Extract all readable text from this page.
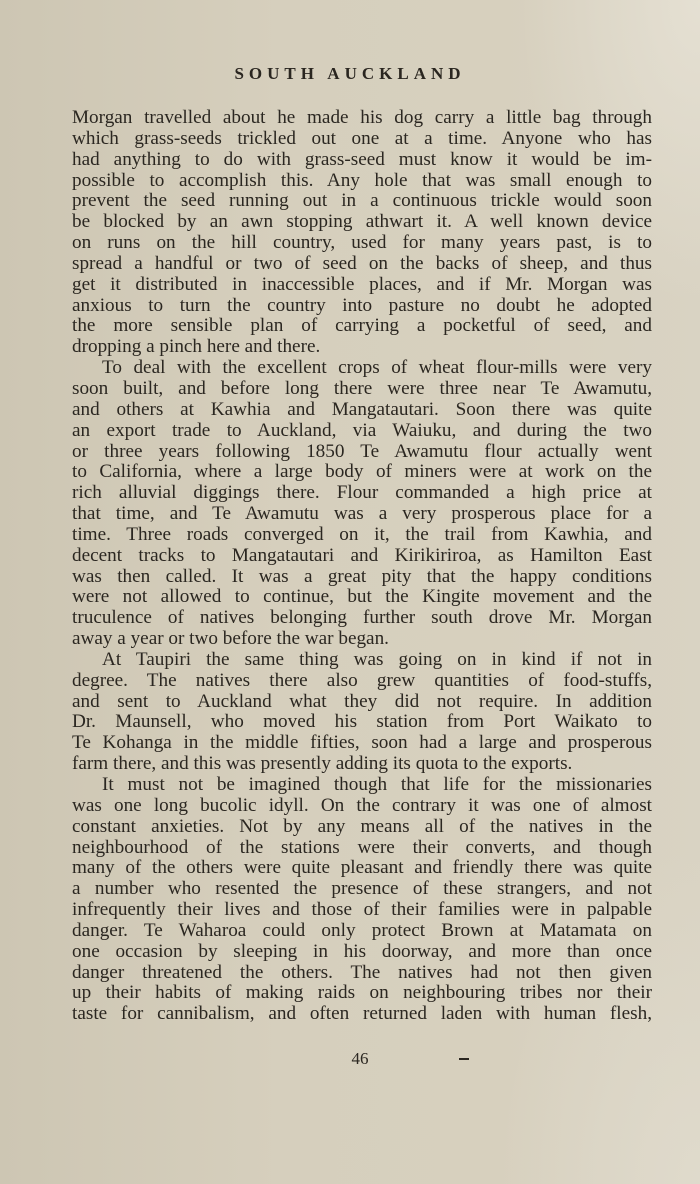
SOUTH AUCKLAND
Morgan travelled about he made his dog carry a little bag through
which grass-seeds trickled out one at a time. Anyone who has
had anything to do with grass-seed must know it would be im-
possible to accomplish this. Any hole that was small enough to
prevent the seed running out in a continuous trickle would soon
be blocked by an awn stopping athwart it. A well known device
on runs on the hill country, used for many years past, is to
spread a handful or two of seed on the backs of sheep, and thus
get it distributed in inaccessible places, and if Mr. Morgan was
anxious to turn the country into pasture no doubt he adopted
the more sensible plan of carrying a pocketful of seed, and
dropping a pinch here and there.
To deal with the excellent crops of wheat flour-mills were very
soon built, and before long there were three near Te Awamutu,
and others at Kawhia and Mangatautari. Soon there was quite
an export trade to Auckland, via Waiuku, and during the two
or three years following 1850 Te Awamutu flour actually went
to California, where a large body of miners were at work on the
rich alluvial diggings there. Flour commanded a high price at
that time, and Te Awamutu was a very prosperous place for a
time. Three roads converged on it, the trail from Kawhia, and
decent tracks to Mangatautari and Kirikiriroa, as Hamilton East
was then called. It was a great pity that the happy conditions
were not allowed to continue, but the Kingite movement and the
truculence of natives belonging further south drove Mr. Morgan
away a year or two before the war began.
At Taupiri the same thing was going on in kind if not in
degree. The natives there also grew quantities of food-stuffs,
and sent to Auckland what they did not require. In addition
Dr. Maunsell, who moved his station from Port Waikato to
Te Kohanga in the middle fifties, soon had a large and prosperous
farm there, and this was presently adding its quota to the exports.
It must not be imagined though that life for the missionaries
was one long bucolic idyll. On the contrary it was one of almost
constant anxieties. Not by any means all of the natives in the
neighbourhood of the stations were their converts, and though
many of the others were quite pleasant and friendly there was quite
a number who resented the presence of these strangers, and not
infrequently their lives and those of their families were in palpable
danger. Te Waharoa could only protect Brown at Matamata on
one occasion by sleeping in his doorway, and more than once
danger threatened the others. The natives had not then given
up their habits of making raids on neighbouring tribes nor their
taste for cannibalism, and often returned laden with human flesh,
46
